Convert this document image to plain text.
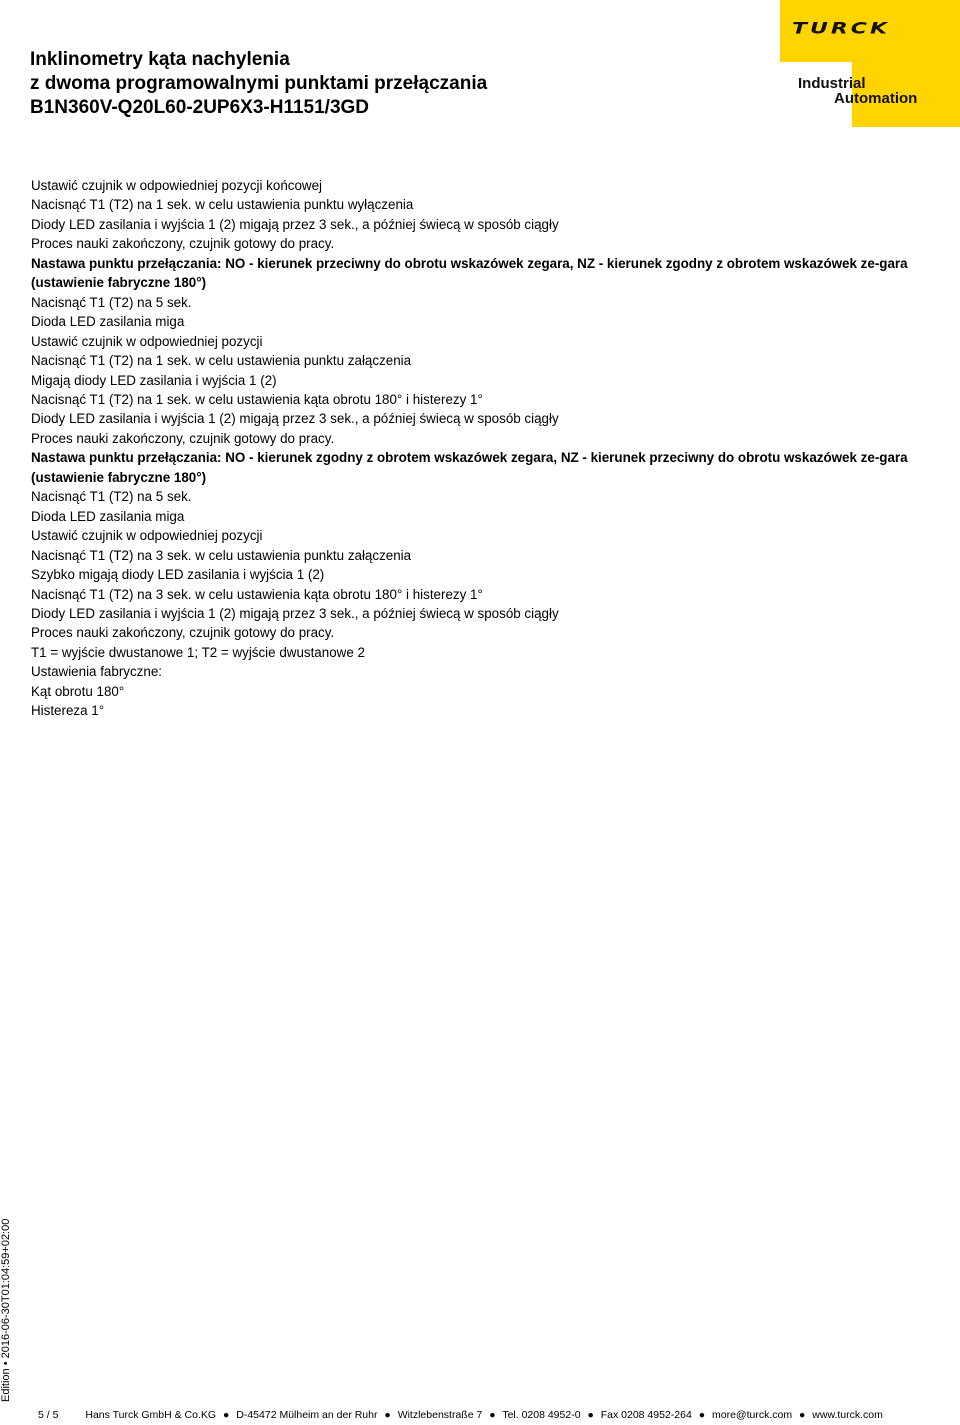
Inklinometry kąta nachylenia
z dwoma programowalnymi punktami przełączania
B1N360V-Q20L60-2UP6X3-H1151/3GD
TURCK
Industrial
Automation
Ustawić czujnik w odpowiedniej pozycji końcowej
Nacisnąć T1 (T2) na 1 sek. w celu ustawienia punktu wyłączenia
Diody LED zasilania i wyjścia 1 (2) migają przez 3 sek., a później świecą w sposób ciągły
Proces nauki zakończony, czujnik gotowy do pracy.
Nastawa punktu przełączania: NO - kierunek przeciwny do obrotu wskazówek zegara, NZ - kierunek zgodny z obrotem wskazówek ze-gara (ustawienie fabryczne 180°)
Nacisnąć T1 (T2) na 5 sek.
Dioda LED zasilania miga
Ustawić czujnik w odpowiedniej pozycji
Nacisnąć T1 (T2) na 1 sek. w celu ustawienia punktu załączenia
Migają diody LED zasilania i wyjścia 1 (2)
Nacisnąć T1 (T2) na 1 sek. w celu ustawienia kąta obrotu 180° i histerezy 1°
Diody LED zasilania i wyjścia 1 (2) migają przez 3 sek., a później świecą w sposób ciągły
Proces nauki zakończony, czujnik gotowy do pracy.
Nastawa punktu przełączania: NO - kierunek zgodny z obrotem wskazówek zegara, NZ - kierunek przeciwny do obrotu wskazówek ze-gara (ustawienie fabryczne 180°)
Nacisnąć T1 (T2) na 5 sek.
Dioda LED zasilania miga
Ustawić czujnik w odpowiedniej pozycji
Nacisnąć T1 (T2) na 3 sek. w celu ustawienia punktu załączenia
Szybko migają diody LED zasilania i wyjścia 1 (2)
Nacisnąć T1 (T2) na 3 sek. w celu ustawienia kąta obrotu 180° i histerezy 1°
Diody LED zasilania i wyjścia 1 (2) migają przez 3 sek., a później świecą w sposób ciągły
Proces nauki zakończony, czujnik gotowy do pracy.
T1 = wyjście dwustanowe 1; T2 = wyjście dwustanowe 2
Ustawienia fabryczne:
Kąt obrotu 180°
Histereza 1°
Edition • 2016-06-30T01:04:59+02:00
5 / 5	Hans Turck GmbH & Co.KG ● D-45472 Mülheim an der Ruhr ● Witzlebenstraße 7 ● Tel. 0208 4952-0 ● Fax 0208 4952-264 ● more@turck.com ● www.turck.com
